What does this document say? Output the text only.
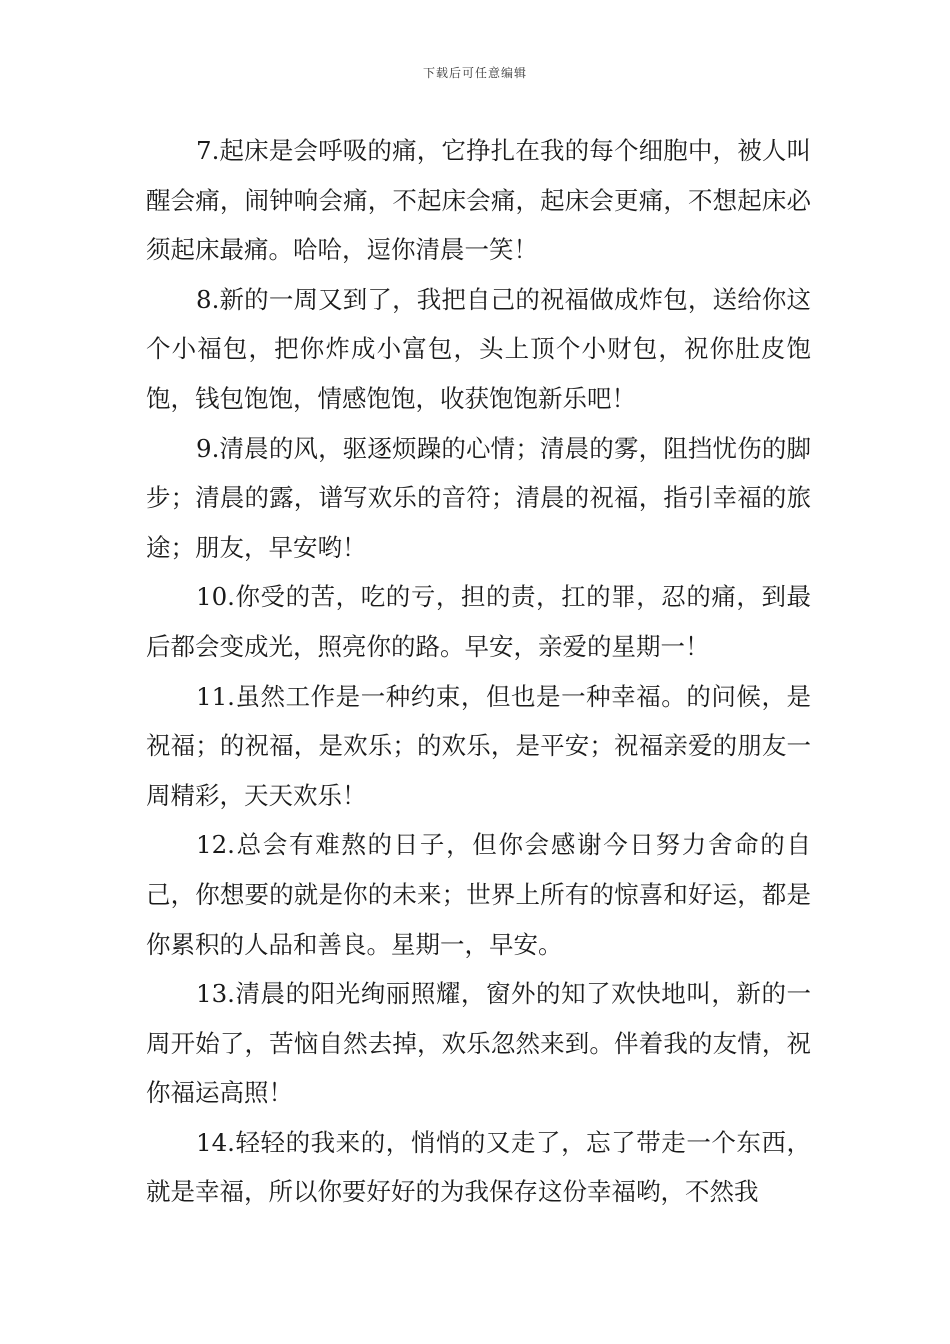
下载后可任意编辑

7.起床是会呼吸的痛，它挣扎在我的每个细胞中，被人叫醒会痛，闹钟响会痛，不起床会痛，起床会更痛，不想起床必须起床最痛。哈哈，逗你清晨一笑！

8.新的一周又到了，我把自己的祝福做成炸包，送给你这个小福包，把你炸成小富包，头上顶个小财包，祝你肚皮饱饱，钱包饱饱，情感饱饱，收获饱饱新乐吧！

9.清晨的风，驱逐烦躁的心情；清晨的雾，阻挡忧伤的脚步；清晨的露，谱写欢乐的音符；清晨的祝福，指引幸福的旅途；朋友，早安哟！

10.你受的苦，吃的亏，担的责，扛的罪，忍的痛，到最后都会变成光，照亮你的路。早安，亲爱的星期一！

11.虽然工作是一种约束，但也是一种幸福。的问候，是祝福；的祝福，是欢乐；的欢乐，是平安；祝福亲爱的朋友一周精彩，天天欢乐！

12.总会有难熬的日子，但你会感谢今日努力舍命的自己，你想要的就是你的未来；世界上所有的惊喜和好运，都是你累积的人品和善良。星期一，早安。

13.清晨的阳光绚丽照耀，窗外的知了欢快地叫，新的一周开始了，苦恼自然去掉，欢乐忽然来到。伴着我的友情，祝你福运高照！

14.轻轻的我来的，悄悄的又走了，忘了带走一个东西，就是幸福，所以你要好好的为我保存这份幸福哟，不然我
